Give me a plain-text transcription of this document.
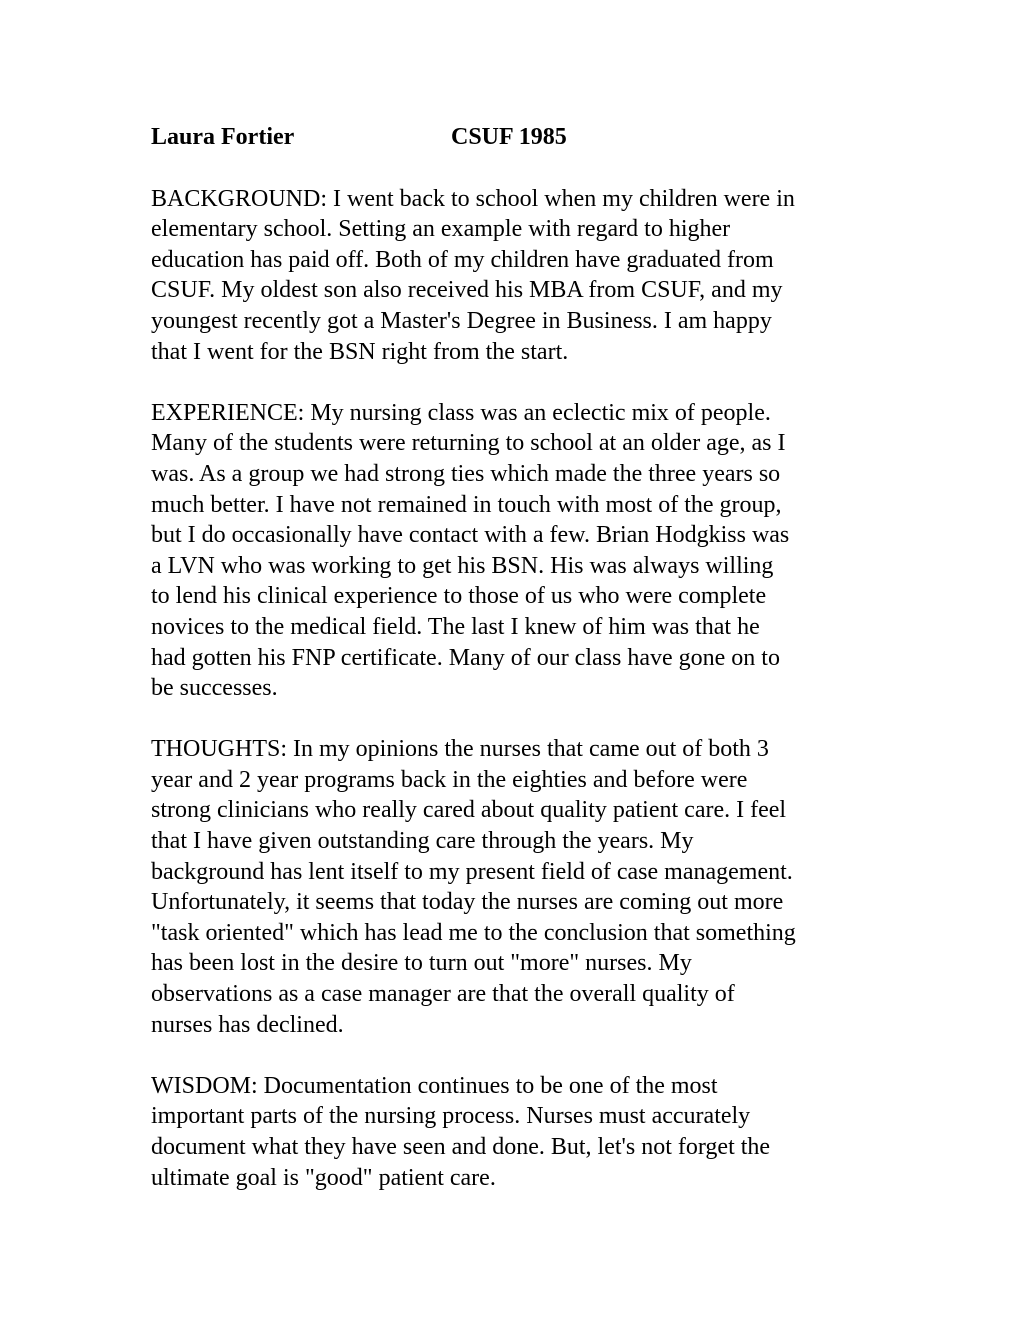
Laura Fortier	CSUF 1985
BACKGROUND: I went back to school when my children were in
elementary school. Setting an example with regard to higher
education has paid off. Both of my children have graduated from
CSUF. My oldest son also received his MBA from CSUF, and my
youngest recently got a Master's Degree in Business. I am happy
that I went for the BSN right from the start.
EXPERIENCE: My nursing class was an eclectic mix of people.
Many of the students were returning to school at an older age, as I
was. As a group we had strong ties which made the three years so
much better. I have not remained in touch with most of the group,
but I do occasionally have contact with a few. Brian Hodgkiss was
a LVN who was working to get his BSN. His was always willing
to lend his clinical experience to those of us who were complete
novices to the medical field. The last I knew of him was that he
had gotten his FNP certificate. Many of our class have gone on to
be successes.
THOUGHTS: In my opinions the nurses that came out of both 3
year and 2 year programs back in the eighties and before were
strong clinicians who really cared about quality patient care. I feel
that I have given outstanding care through the years. My
background has lent itself to my present field of case management.
Unfortunately, it seems that today the nurses are coming out more
"task oriented" which has lead me to the conclusion that something
has been lost in the desire to turn out "more" nurses. My
observations as a case manager are that the overall quality of
nurses has declined.
WISDOM: Documentation continues to be one of the most
important parts of the nursing process. Nurses must accurately
document what they have seen and done. But, let's not forget the
ultimate goal is "good" patient care.
